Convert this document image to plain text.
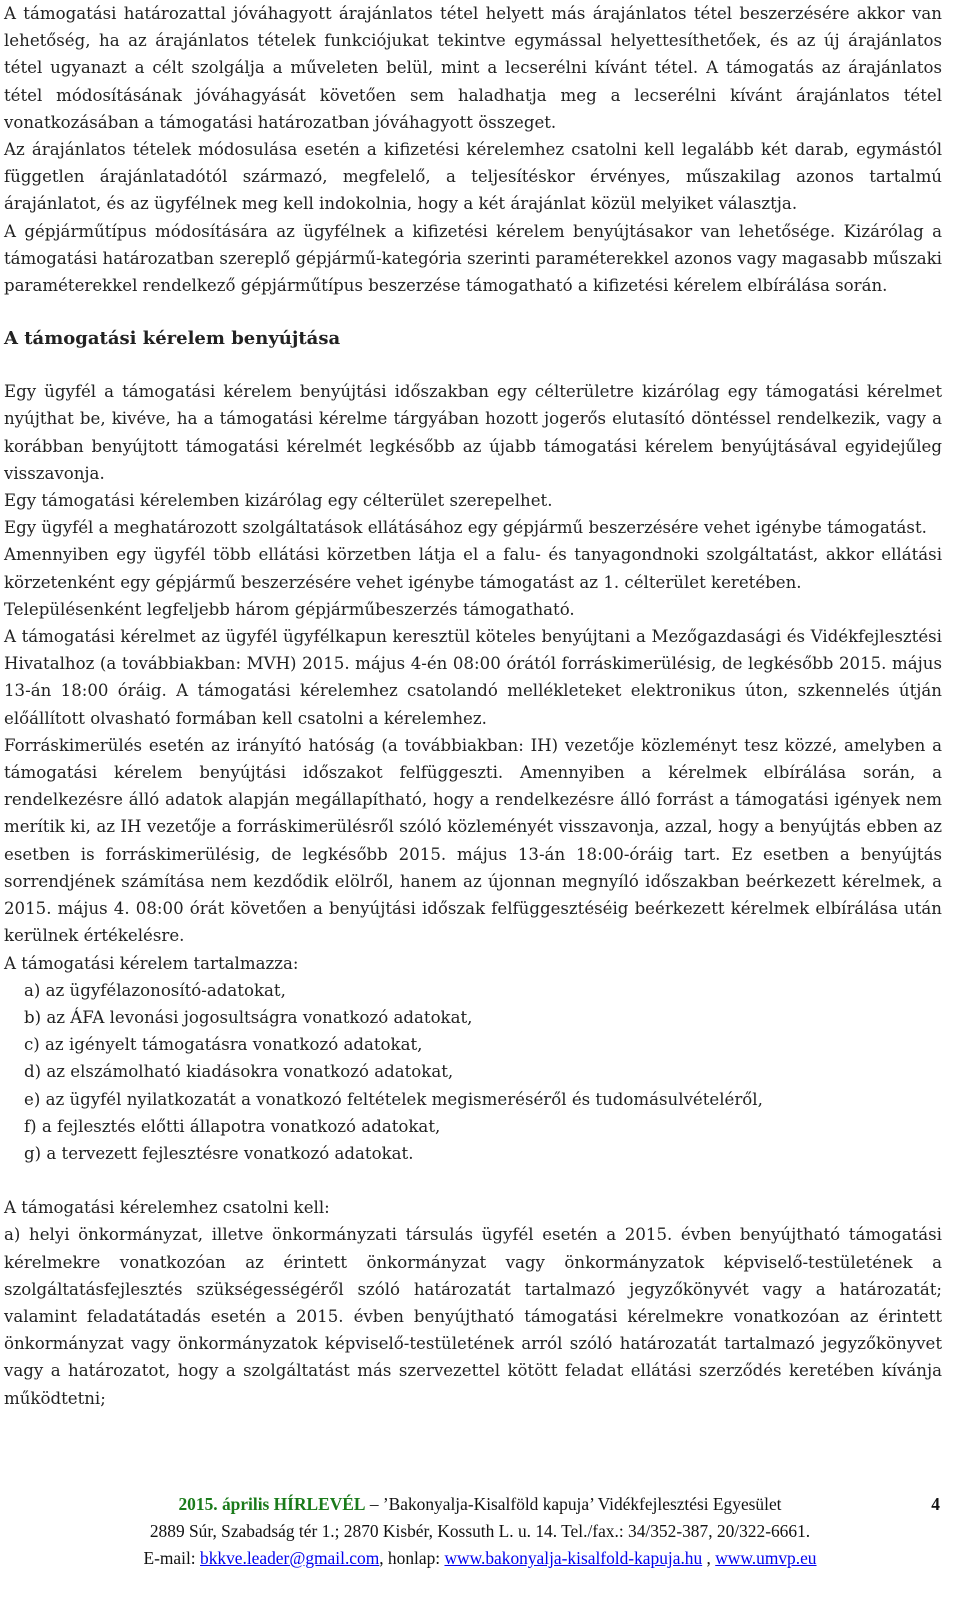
A támogatási határozattal jóváhagyott árajánlatos tétel helyett más árajánlatos tétel beszerzésére akkor van lehetőség, ha az árajánlatos tételek funkciójukat tekintve egymással helyettesíthetőek, és az új árajánlatos tétel ugyanazt a célt szolgálja a műveleten belül, mint a lecserélni kívánt tétel. A támogatás az árajánlatos tétel módosításának jóváhagyását követően sem haladhatja meg a lecserélni kívánt árajánlatos tétel vonatkozásában a támogatási határozatban jóváhagyott összeget.

Az árajánlatos tételek módosulása esetén a kifizetési kérelemhez csatolni kell legalább két darab, egymástól független árajánlatadótól származó, megfelelő, a teljesítéskor érvényes, műszakilag azonos tartalmú árajánlatot, és az ügyfélnek meg kell indokolnia, hogy a két árajánlat közül melyiket választja.

A gépjárműtípus módosítására az ügyfélnek a kifizetési kérelem benyújtásakor van lehetősége. Kizárólag a támogatási határozatban szereplő gépjármű-kategória szerinti paraméterekkel azonos vagy magasabb műszaki paraméterekkel rendelkező gépjárműtípus beszerzése támogatható a kifizetési kérelem elbírálása során.

A támogatási kérelem benyújtása

Egy ügyfél a támogatási kérelem benyújtási időszakban egy célterületre kizárólag egy támogatási kérelmet nyújthat be, kivéve, ha a támogatási kérelme tárgyában hozott jogerős elutasító döntéssel rendelkezik, vagy a korábban benyújtott támogatási kérelmét legkésőbb az újabb támogatási kérelem benyújtásával egyidejűleg visszavonja.

Egy támogatási kérelemben kizárólag egy célterület szerepelhet.

Egy ügyfél a meghatározott szolgáltatások ellátásához egy gépjármű beszerzésére vehet igénybe támogatást.

Amennyiben egy ügyfél több ellátási körzetben látja el a falu- és tanyagondnoki szolgáltatást, akkor ellátási körzetenként egy gépjármű beszerzésére vehet igénybe támogatást az 1. célterület keretében.

Településenként legfeljebb három gépjárműbeszerzés támogatható.

A támogatási kérelmet az ügyfél ügyfélkapun keresztül köteles benyújtani a Mezőgazdasági és Vidékfejlesztési Hivatalhoz (a továbbiakban: MVH) 2015. május 4-én 08:00 órától forráskimerülésig, de legkésőbb 2015. május 13-án 18:00 óráig. A támogatási kérelemhez csatolandó mellékleteket elektronikus úton, szkennelés útján előállított olvasható formában kell csatolni a kérelemhez.

Forráskimerülés esetén az irányító hatóság (a továbbiakban: IH) vezetője közleményt tesz közzé, amelyben a támogatási kérelem benyújtási időszakot felfüggeszti. Amennyiben a kérelmek elbírálása során, a rendelkezésre álló adatok alapján megállapítható, hogy a rendelkezésre álló forrást a támogatási igények nem merítik ki, az IH vezetője a forráskimerülésről szóló közleményét visszavonja, azzal, hogy a benyújtás ebben az esetben is forráskimerülésig, de legkésőbb 2015. május 13-án 18:00-óráig tart. Ez esetben a benyújtás sorrendjének számítása nem kezdődik elölről, hanem az újonnan megnyíló időszakban beérkezett kérelmek, a 2015. május 4. 08:00 órát követően a benyújtási időszak felfüggesztéséig beérkezett kérelmek elbírálása után kerülnek értékelésre.

A támogatási kérelem tartalmazza:

a) az ügyfélazonosító-adatokat,
b) az ÁFA levonási jogosultságra vonatkozó adatokat,
c) az igényelt támogatásra vonatkozó adatokat,
d) az elszámolható kiadásokra vonatkozó adatokat,
e) az ügyfél nyilatkozatát a vonatkozó feltételek megismeréséről és tudomásulvételéről,
f) a fejlesztés előtti állapotra vonatkozó adatokat,
g) a tervezett fejlesztésre vonatkozó adatokat.

A támogatási kérelemhez csatolni kell:

a) helyi önkormányzat, illetve önkormányzati társulás ügyfél esetén a 2015. évben benyújtható támogatási kérelmekre vonatkozóan az érintett önkormányzat vagy önkormányzatok képviselő-testületének a szolgáltatásfejlesztés szükségességéről szóló határozatát tartalmazó jegyzőkönyvét vagy a határozatát; valamint feladatátadás esetén a 2015. évben benyújtható támogatási kérelmekre vonatkozóan az érintett önkormányzat vagy önkormányzatok képviselő-testületének arról szóló határozatát tartalmazó jegyzőkönyvet vagy a határozatot, hogy a szolgáltatást más szervezettel kötött feladat ellátási szerződés keretében kívánja működtetni;

2015. április HÍRLEVÉL – ’Bakonyalja-Kisalföld kapuja’ Vidékfejlesztési Egyesület	4
2889 Súr, Szabadság tér 1.; 2870 Kisbér, Kossuth L. u. 14. Tel./fax.: 34/352-387, 20/322-6661.
E-mail: bkkve.leader@gmail.com, honlap: www.bakonyalja-kisalfold-kapuja.hu , www.umvp.eu
